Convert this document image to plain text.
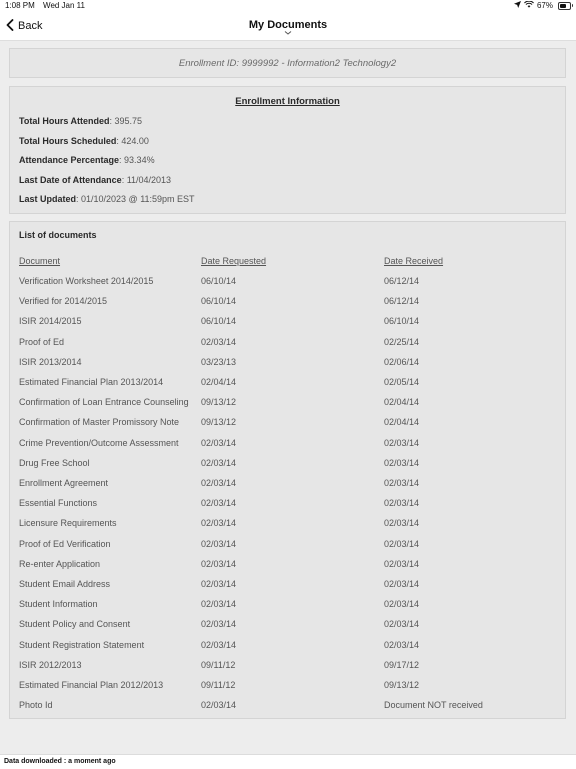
1:08 PM Wed Jan 11	67%
Back	My Documents
Enrollment ID: 9999992 - Information2 Technology2
Enrollment Information
Total Hours Attended: 395.75
Total Hours Scheduled: 424.00
Attendance Percentage: 93.34%
Last Date of Attendance: 11/04/2013
Last Updated: 01/10/2023 @ 11:59pm EST
List of documents
Document	Date Requested	Date Received
Verification Worksheet 2014/2015	06/10/14	06/12/14
Verified for 2014/2015	06/10/14	06/12/14
ISIR 2014/2015	06/10/14	06/10/14
Proof of Ed	02/03/14	02/25/14
ISIR 2013/2014	03/23/13	02/06/14
Estimated Financial Plan 2013/2014	02/04/14	02/05/14
Confirmation of Loan Entrance Counseling 09/13/12	02/04/14
Confirmation of Master Promissory Note 09/13/12	02/04/14
Crime Prevention/Outcome Assessment 02/03/14	02/03/14
Drug Free School	02/03/14	02/03/14
Enrollment Agreement	02/03/14	02/03/14
Essential Functions	02/03/14	02/03/14
Licensure Requirements	02/03/14	02/03/14
Proof of Ed Verification	02/03/14	02/03/14
Re-enter Application	02/03/14	02/03/14
Student Email Address	02/03/14	02/03/14
Student Information	02/03/14	02/03/14
Student Policy and Consent	02/03/14	02/03/14
Student Registration Statement	02/03/14	02/03/14
ISIR 2012/2013	09/11/12	09/17/12
Estimated Financial Plan 2012/2013	09/11/12	09/13/12
Photo Id	02/03/14	Document NOT received
Data downloaded : a moment ago
